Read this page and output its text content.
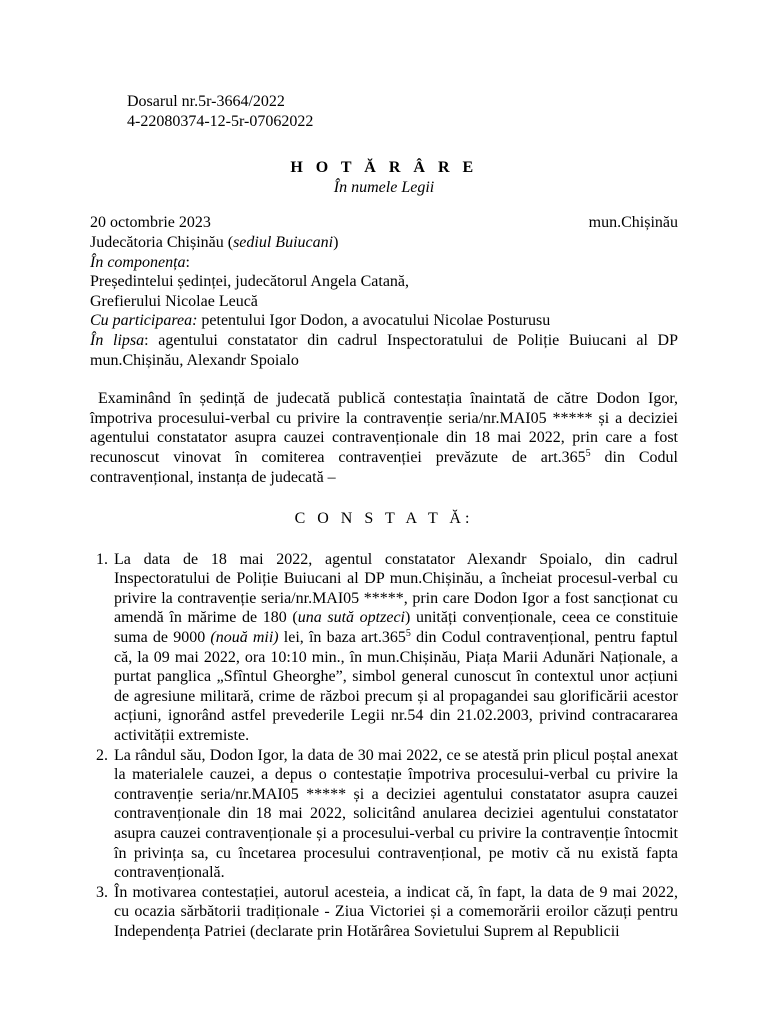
Dosarul nr.5r-3664/2022
4-22080374-12-5r-07062022
H O T Ă R Â R E
În numele Legii
20 octombrie 2023	mun.Chișinău
Judecătoria Chișinău (sediul Buiucani)
În componența:
Președintelui ședinței, judecătorul Angela Catană,
Grefierului Nicolae Leucă
Cu participarea: petentului Igor Dodon, a avocatului Nicolae Posturusu
În lipsa: agentului constatator din cadrul Inspectoratului de Poliție Buiucani al DP mun.Chișinău, Alexandr Spoialo
Examinând în ședință de judecată publică contestația înaintată de către Dodon Igor, împotriva procesului-verbal cu privire la contravenție seria/nr.MAI05 ***** și a deciziei agentului constatator asupra cauzei contravenționale din 18 mai 2022, prin care a fost recunoscut vinovat în comiterea contravenției prevăzute de art.365$^5$ din Codul contravențional, instanța de judecată –
C O N S T A T Ă:
1. La data de 18 mai 2022, agentul constatator Alexandr Spoialo, din cadrul Inspectoratului de Poliție Buiucani al DP mun.Chișinău, a încheiat procesul-verbal cu privire la contravenție seria/nr.MAI05 *****, prin care Dodon Igor a fost sancționat cu amendă în mărime de 180 (una sută optzeci) unități convenționale, ceea ce constituie suma de 9000 (nouă mii) lei, în baza art.365$^5$ din Codul contravențional, pentru faptul că, la 09 mai 2022, ora 10:10 min., în mun.Chișinău, Piața Marii Adunări Naționale, a purtat panglica „Sfîntul Gheorghe”, simbol general cunoscut în contextul unor acțiuni de agresiune militară, crime de război precum și al propagandei sau glorificării acestor acțiuni, ignorând astfel prevederile Legii nr.54 din 21.02.2003, privind contracararea activității extremiste.
2. La rândul său, Dodon Igor, la data de 30 mai 2022, ce se atestă prin plicul poștal anexat la materialele cauzei, a depus o contestație împotriva procesului-verbal cu privire la contravenție seria/nr.MAI05 ***** și a deciziei agentului constatator asupra cauzei contravenționale din 18 mai 2022, solicitând anularea deciziei agentului constatator asupra cauzei contravenționale și a procesului-verbal cu privire la contravenție întocmit în privința sa, cu încetarea procesului contravențional, pe motiv că nu există fapta contravențională.
3. În motivarea contestației, autorul acesteia, a indicat că, în fapt, la data de 9 mai 2022, cu ocazia sărbătorii tradiționale - Ziua Victoriei și a comemorării eroilor căzuți pentru Independența Patriei (declarate prin Hotărârea Sovietului Suprem al Republicii
